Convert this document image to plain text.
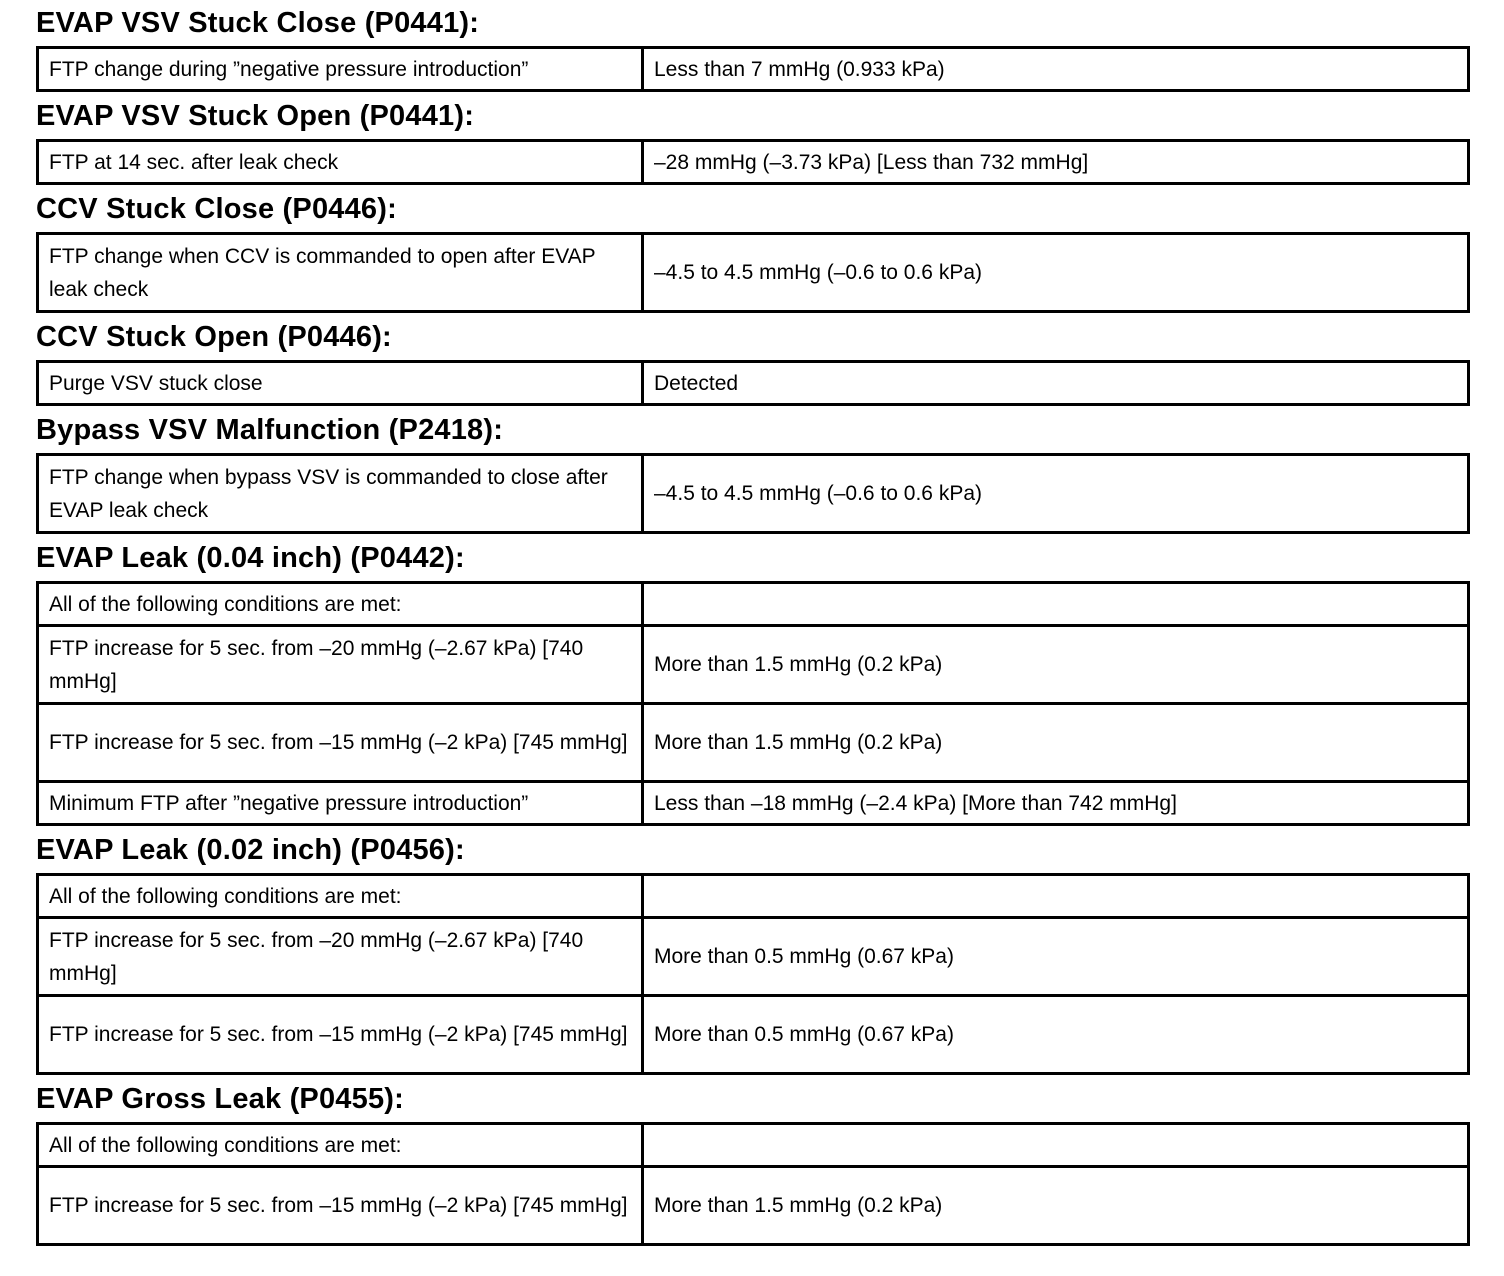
EVAP VSV Stuck Close (P0441):
FTP change during ”negative pressure introduction”	Less than 7 mmHg (0.933 kPa)
EVAP VSV Stuck Open (P0441):
FTP at 14 sec. after leak check	–28 mmHg (–3.73 kPa) [Less than 732 mmHg]
CCV Stuck Close (P0446):
FTP change when CCV is commanded to open after EVAP leak check	–4.5 to 4.5 mmHg (–0.6 to 0.6 kPa)
CCV Stuck Open (P0446):
Purge VSV stuck close	Detected
Bypass VSV Malfunction (P2418):
FTP change when bypass VSV is commanded to close after EVAP leak check	–4.5 to 4.5 mmHg (–0.6 to 0.6 kPa)
EVAP Leak (0.04 inch) (P0442):
All of the following conditions are met:	
FTP increase for 5 sec. from –20 mmHg (–2.67 kPa) [740 mmHg]	More than 1.5 mmHg (0.2 kPa)
FTP increase for 5 sec. from –15 mmHg (–2 kPa) [745 mmHg]	More than 1.5 mmHg (0.2 kPa)
Minimum FTP after ”negative pressure introduction”	Less than –18 mmHg (–2.4 kPa) [More than 742 mmHg]
EVAP Leak (0.02 inch) (P0456):
All of the following conditions are met:	
FTP increase for 5 sec. from –20 mmHg (–2.67 kPa) [740 mmHg]	More than 0.5 mmHg (0.67 kPa)
FTP increase for 5 sec. from –15 mmHg (–2 kPa) [745 mmHg]	More than 0.5 mmHg (0.67 kPa)
EVAP Gross Leak (P0455):
All of the following conditions are met:	
FTP increase for 5 sec. from –15 mmHg (–2 kPa) [745 mmHg]	More than 1.5 mmHg (0.2 kPa)
